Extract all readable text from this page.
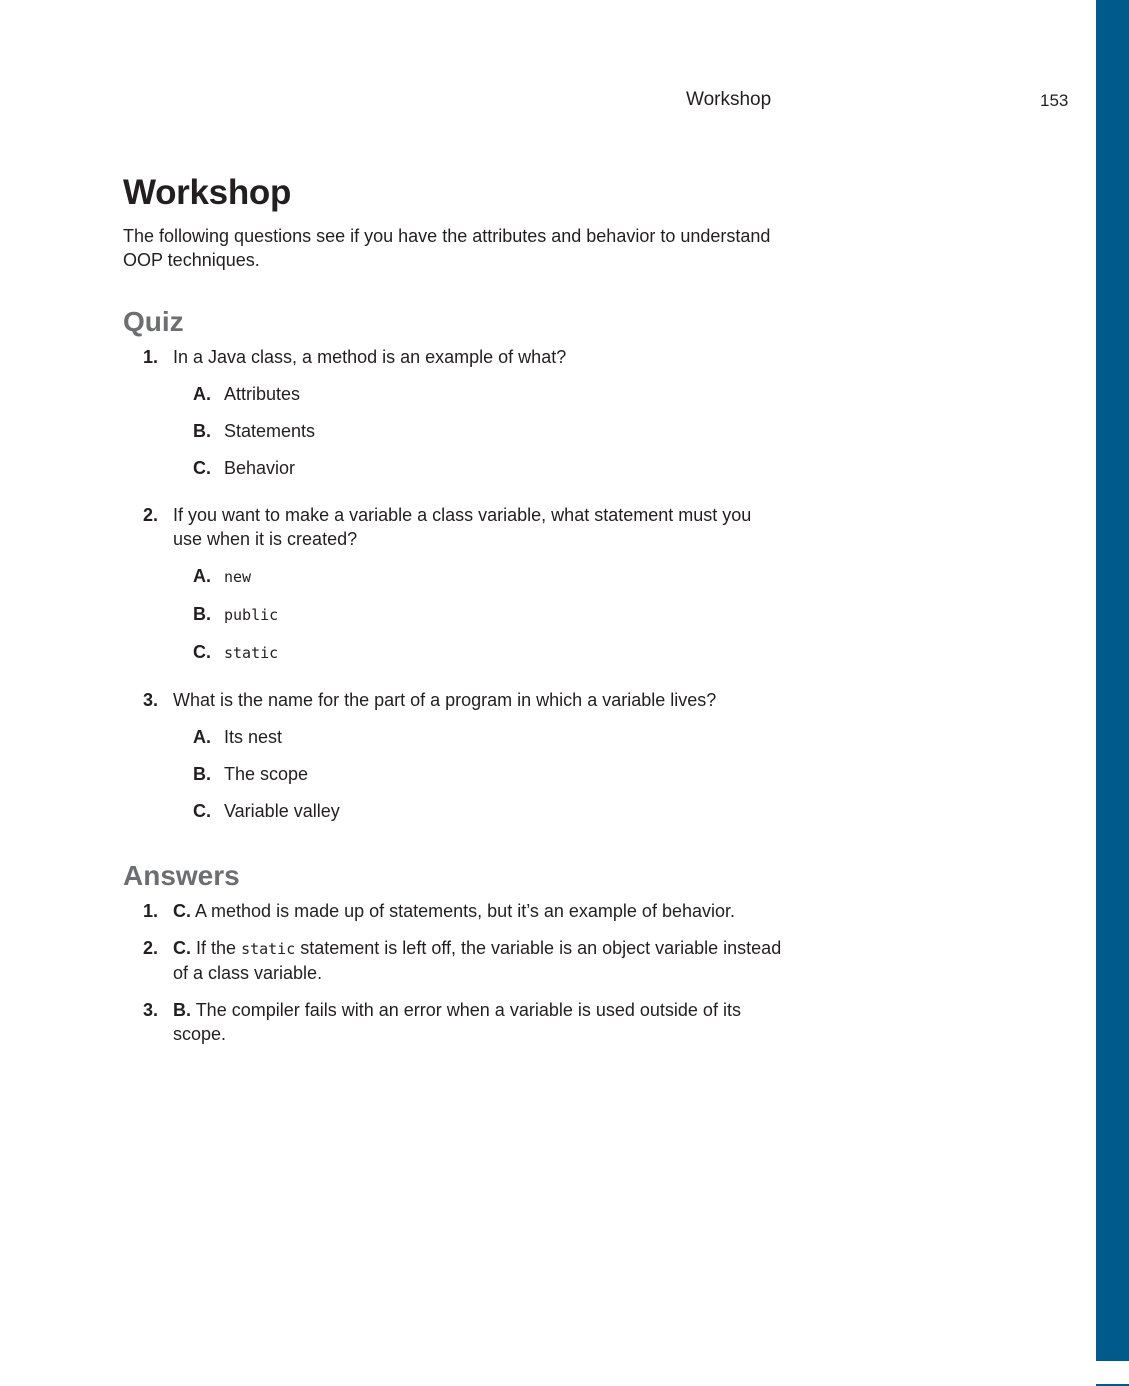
Workshop	153
Workshop

The following questions see if you have the attributes and behavior to understand OOP techniques.

Quiz
1. In a Java class, a method is an example of what?
A. Attributes
B. Statements
C. Behavior
2. If you want to make a variable a class variable, what statement must you use when it is created?
A. new
B. public
C. static
3. What is the name for the part of a program in which a variable lives?
A. Its nest
B. The scope
C. Variable valley
Answers
1. C. A method is made up of statements, but it’s an example of behavior.
2. C. If the static statement is left off, the variable is an object variable instead of a class variable.
3. B. The compiler fails with an error when a variable is used outside of its scope.
